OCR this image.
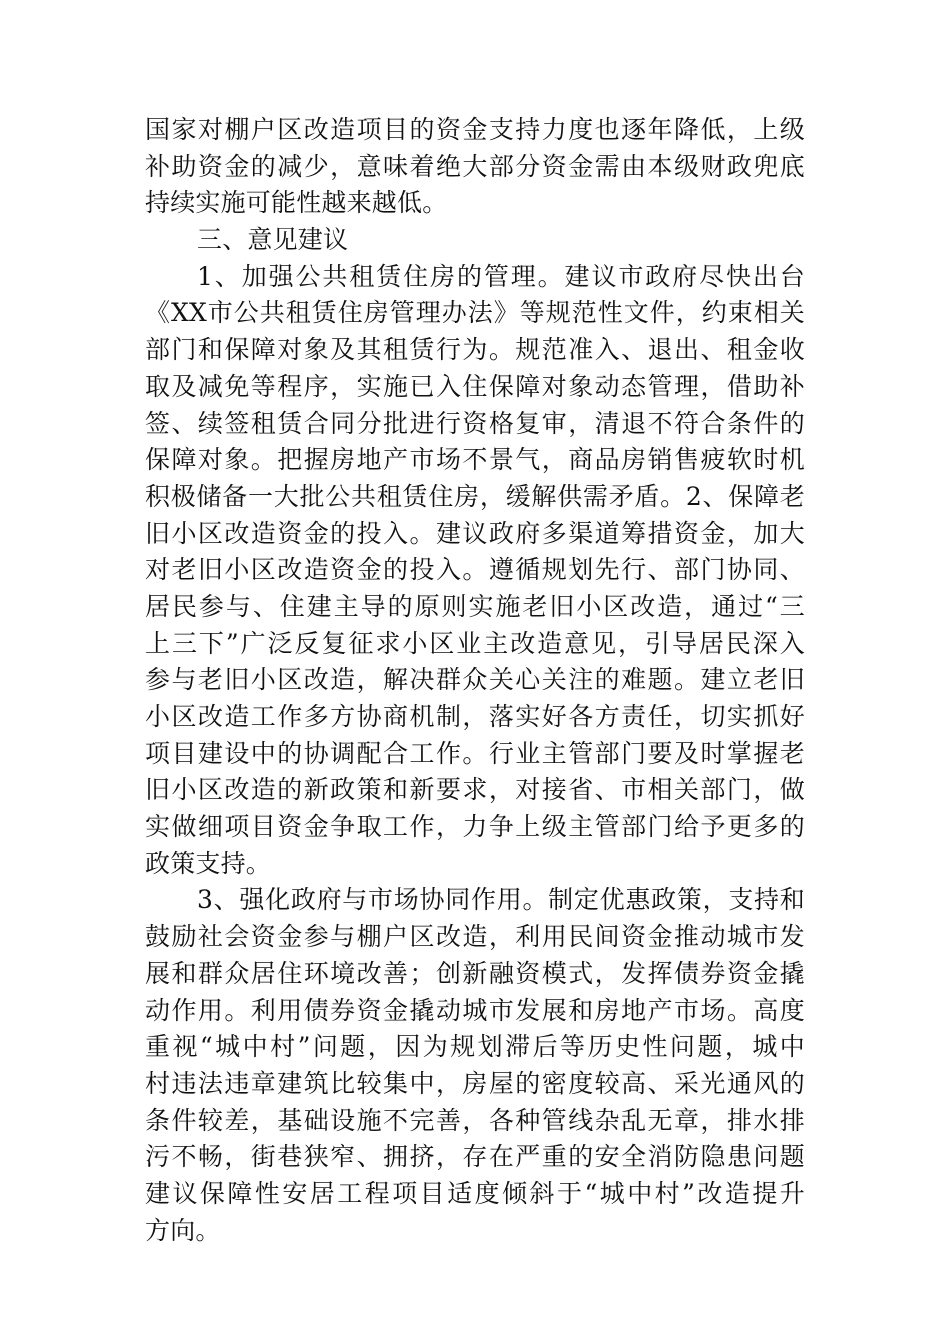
国家对棚户区改造项目的资金支持力度也逐年降低，上级
补助资金的减少，意味着绝大部分资金需由本级财政兜底
持续实施可能性越来越低。
三、意见建议
1、加强公共租赁住房的管理。建议市政府尽快出台
《XX市公共租赁住房管理办法》等规范性文件，约束相关
部门和保障对象及其租赁行为。规范准入、退出、租金收
取及减免等程序，实施已入住保障对象动态管理，借助补
签、续签租赁合同分批进行资格复审，清退不符合条件的
保障对象。把握房地产市场不景气，商品房销售疲软时机
积极储备一大批公共租赁住房，缓解供需矛盾。2、保障老
旧小区改造资金的投入。建议政府多渠道筹措资金，加大
对老旧小区改造资金的投入。遵循规划先行、部门协同、
居民参与、住建主导的原则实施老旧小区改造，通过“三
上三下”广泛反复征求小区业主改造意见，引导居民深入
参与老旧小区改造，解决群众关心关注的难题。建立老旧
小区改造工作多方协商机制，落实好各方责任，切实抓好
项目建设中的协调配合工作。行业主管部门要及时掌握老
旧小区改造的新政策和新要求，对接省、市相关部门，做
实做细项目资金争取工作，力争上级主管部门给予更多的
政策支持。
3、强化政府与市场协同作用。制定优惠政策，支持和
鼓励社会资金参与棚户区改造，利用民间资金推动城市发
展和群众居住环境改善；创新融资模式，发挥债券资金撬
动作用。利用债券资金撬动城市发展和房地产市场。高度
重视“城中村”问题，因为规划滞后等历史性问题，城中
村违法违章建筑比较集中，房屋的密度较高、采光通风的
条件较差，基础设施不完善，各种管线杂乱无章，排水排
污不畅，街巷狭窄、拥挤，存在严重的安全消防隐患问题
建议保障性安居工程项目适度倾斜于“城中村”改造提升
方向。
